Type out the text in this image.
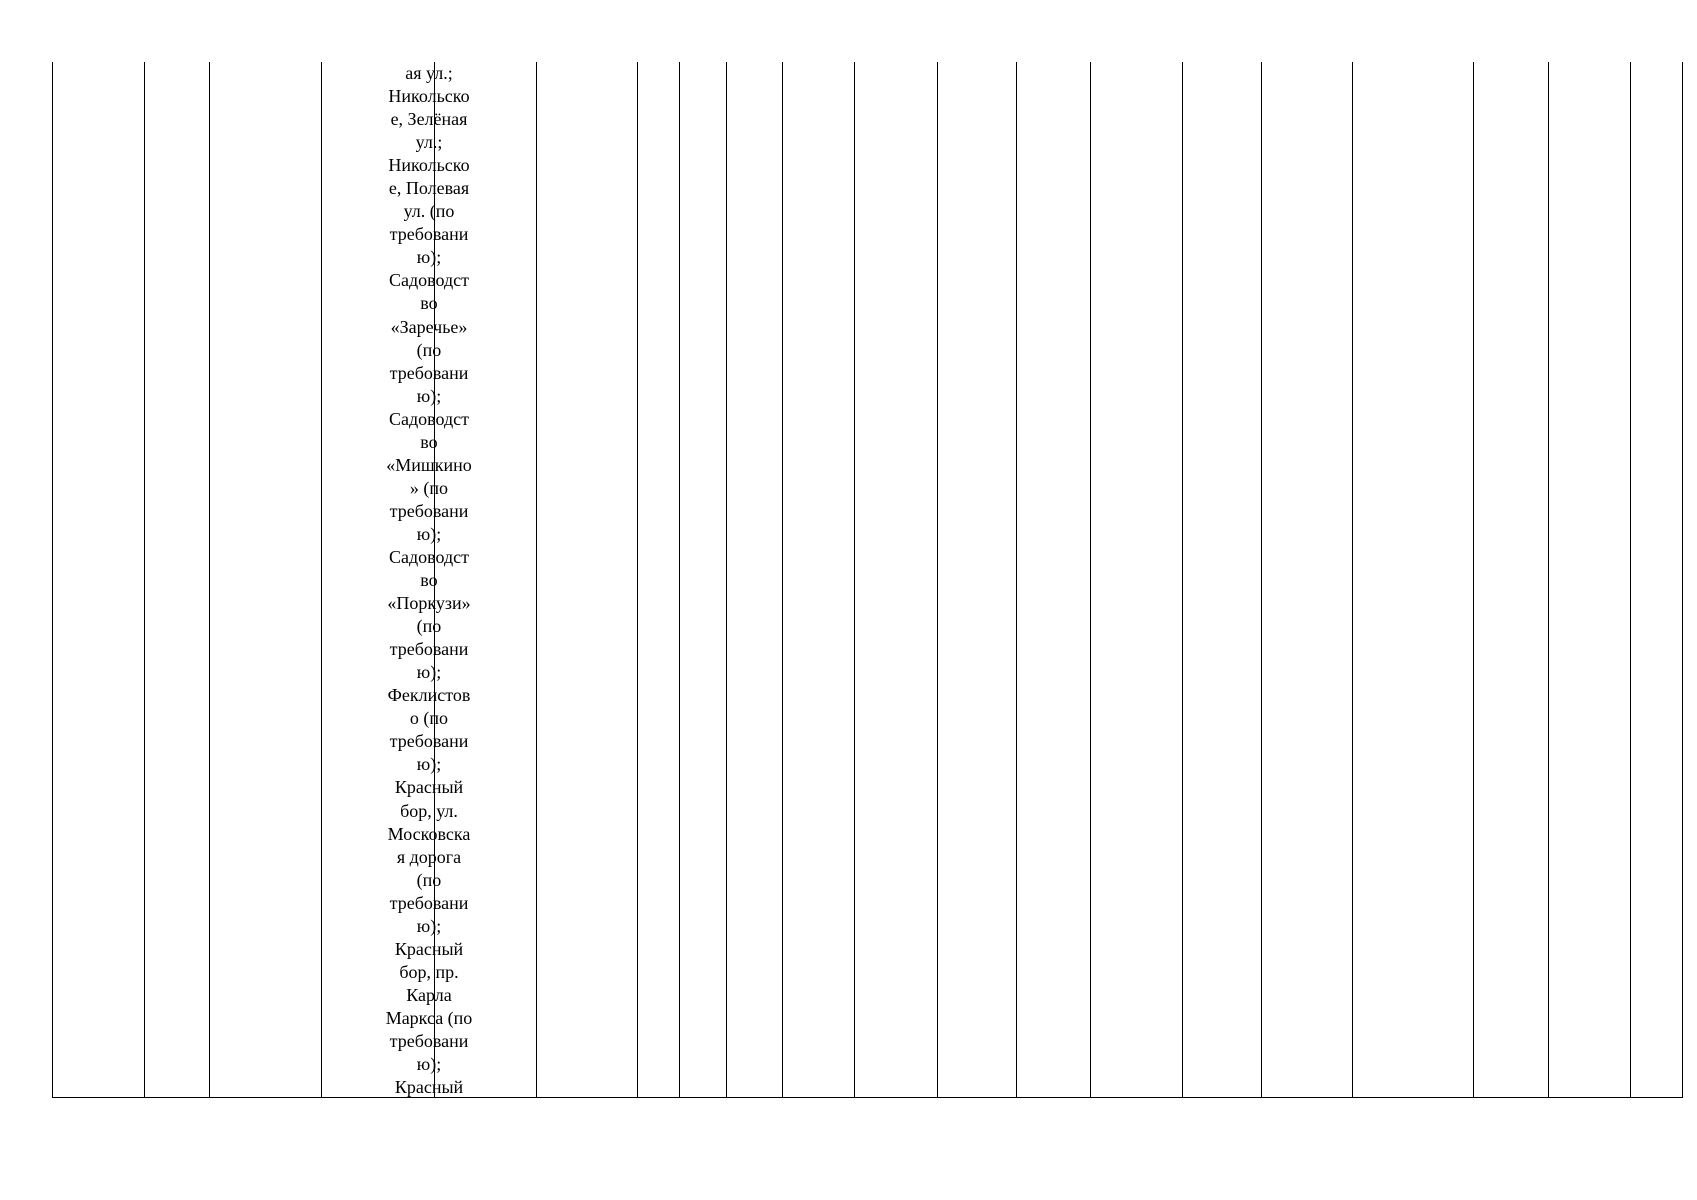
ая ул.;
Никольско
е, Зелёная
ул.;
Никольско
е, Полевая
ул. (по
требовани
ю);
Садоводст
во
«Заречье»
(по
требовани
ю);
Садоводст
во
«Мишкино
» (по
требовани
ю);
Садоводст
во
«Поркузи»
(по
требовани
ю);
Феклистов
о (по
требовани
ю);
Красный
бор, ул.
Московска
я дорога
(по
требовани
ю);
Красный
бор, пр.
Карла
Маркса (по
требовани
ю);
Красный
